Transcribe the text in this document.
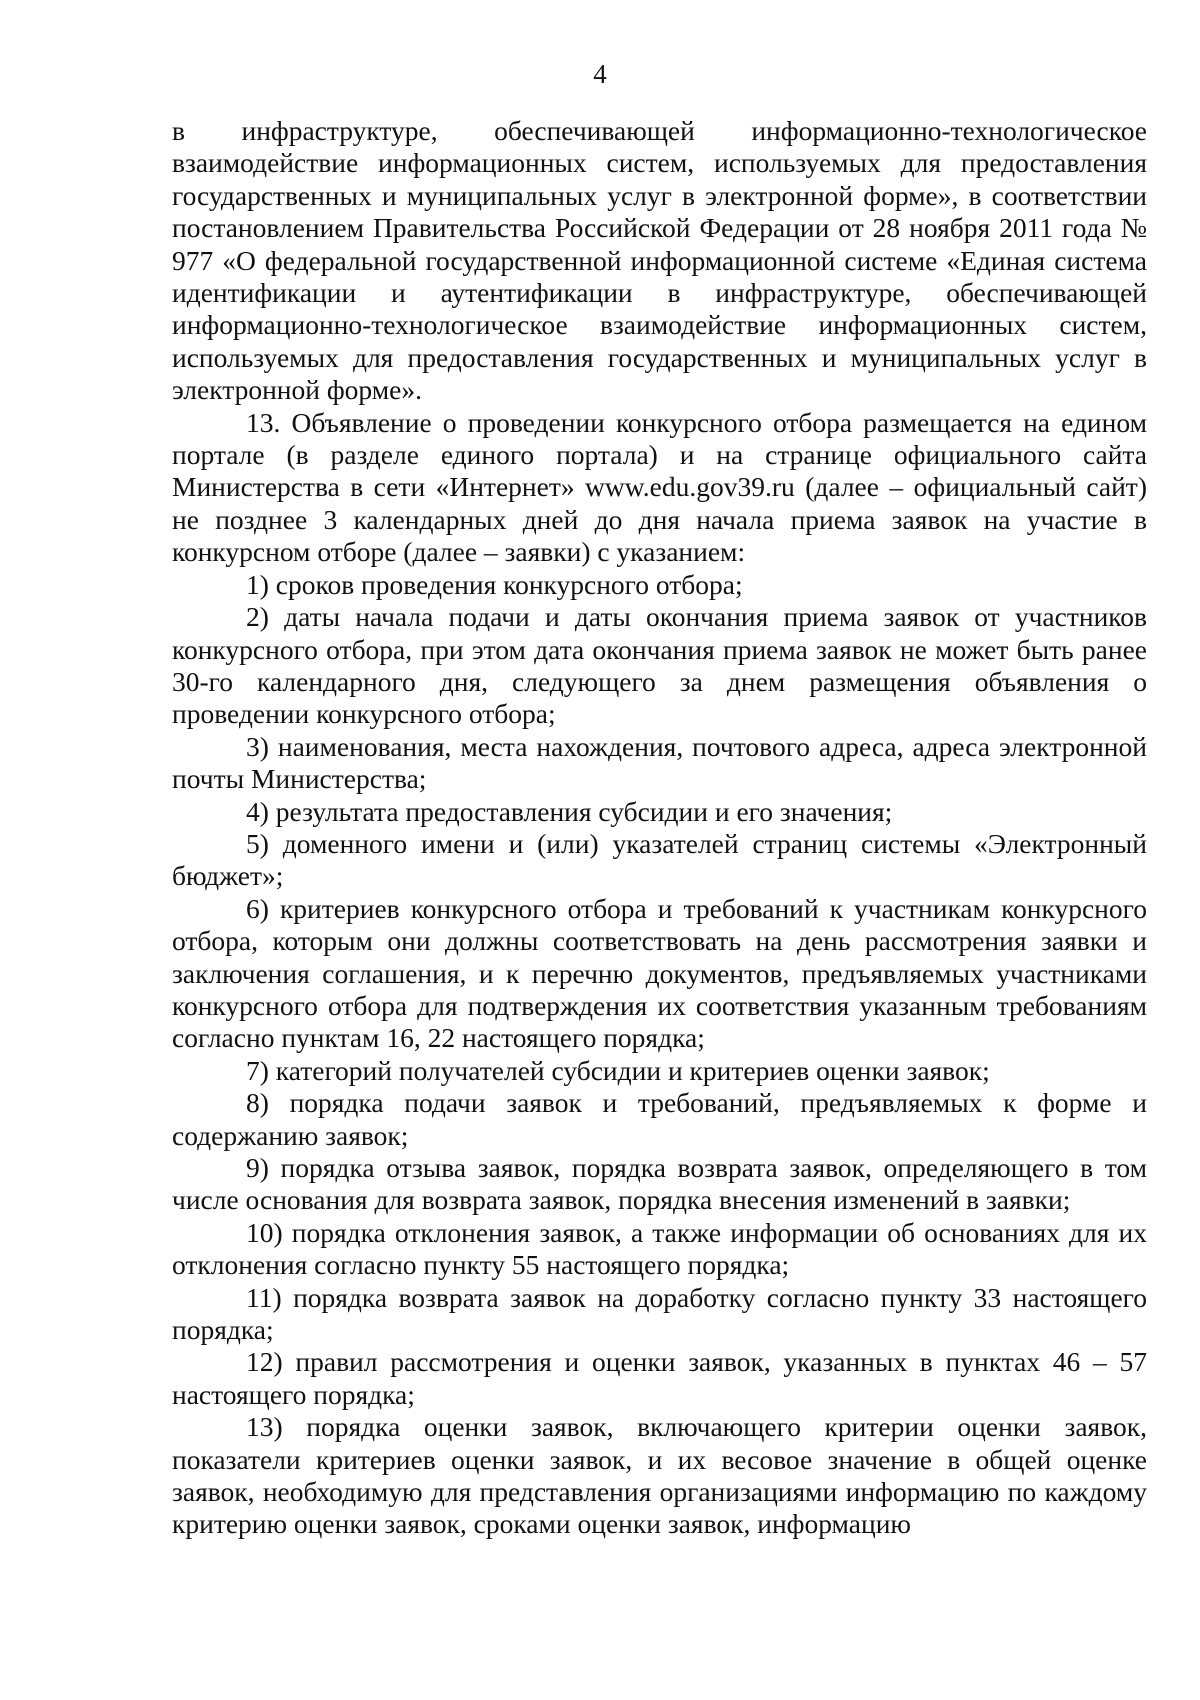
4

в инфраструктуре, обеспечивающей информационно-технологическое взаимодействие информационных систем, используемых для предоставления государственных и муниципальных услуг в электронной форме», в соответствии постановлением Правительства Российской Федерации от 28 ноября 2011 года № 977 «О федеральной государственной информационной системе «Единая система идентификации и аутентификации в инфраструктуре, обеспечивающей информационно-технологическое взаимодействие информационных систем, используемых для предоставления государственных и муниципальных услуг в электронной форме».

13. Объявление о проведении конкурсного отбора размещается на едином портале (в разделе единого портала) и на странице официального сайта Министерства в сети «Интернет» www.edu.gov39.ru (далее – официальный сайт) не позднее 3 календарных дней до дня начала приема заявок на участие в конкурсном отборе (далее – заявки) с указанием:

1) сроков проведения конкурсного отбора;

2) даты начала подачи и даты окончания приема заявок от участников конкурсного отбора, при этом дата окончания приема заявок не может быть ранее 30-го календарного дня, следующего за днем размещения объявления о проведении конкурсного отбора;

3) наименования, места нахождения, почтового адреса, адреса электронной почты Министерства;

4) результата предоставления субсидии и его значения;

5) доменного имени и (или) указателей страниц системы «Электронный бюджет»;

6) критериев конкурсного отбора и требований к участникам конкурсного отбора, которым они должны соответствовать на день рассмотрения заявки и заключения соглашения, и к перечню документов, предъявляемых участниками конкурсного отбора для подтверждения их соответствия указанным требованиям согласно пунктам 16, 22 настоящего порядка;

7) категорий получателей субсидии и критериев оценки заявок;

8) порядка подачи заявок и требований, предъявляемых к форме и содержанию заявок;

9) порядка отзыва заявок, порядка возврата заявок, определяющего в том числе основания для возврата заявок, порядка внесения изменений в заявки;

10) порядка отклонения заявок, а также информации об основаниях для их отклонения согласно пункту 55 настоящего порядка;

11) порядка возврата заявок на доработку согласно пункту 33 настоящего порядка;

12) правил рассмотрения и оценки заявок, указанных в пунктах 46 – 57 настоящего порядка;

13) порядка оценки заявок, включающего критерии оценки заявок, показатели критериев оценки заявок, и их весовое значение в общей оценке заявок, необходимую для представления организациями информацию по каждому критерию оценки заявок, сроками оценки заявок, информацию
